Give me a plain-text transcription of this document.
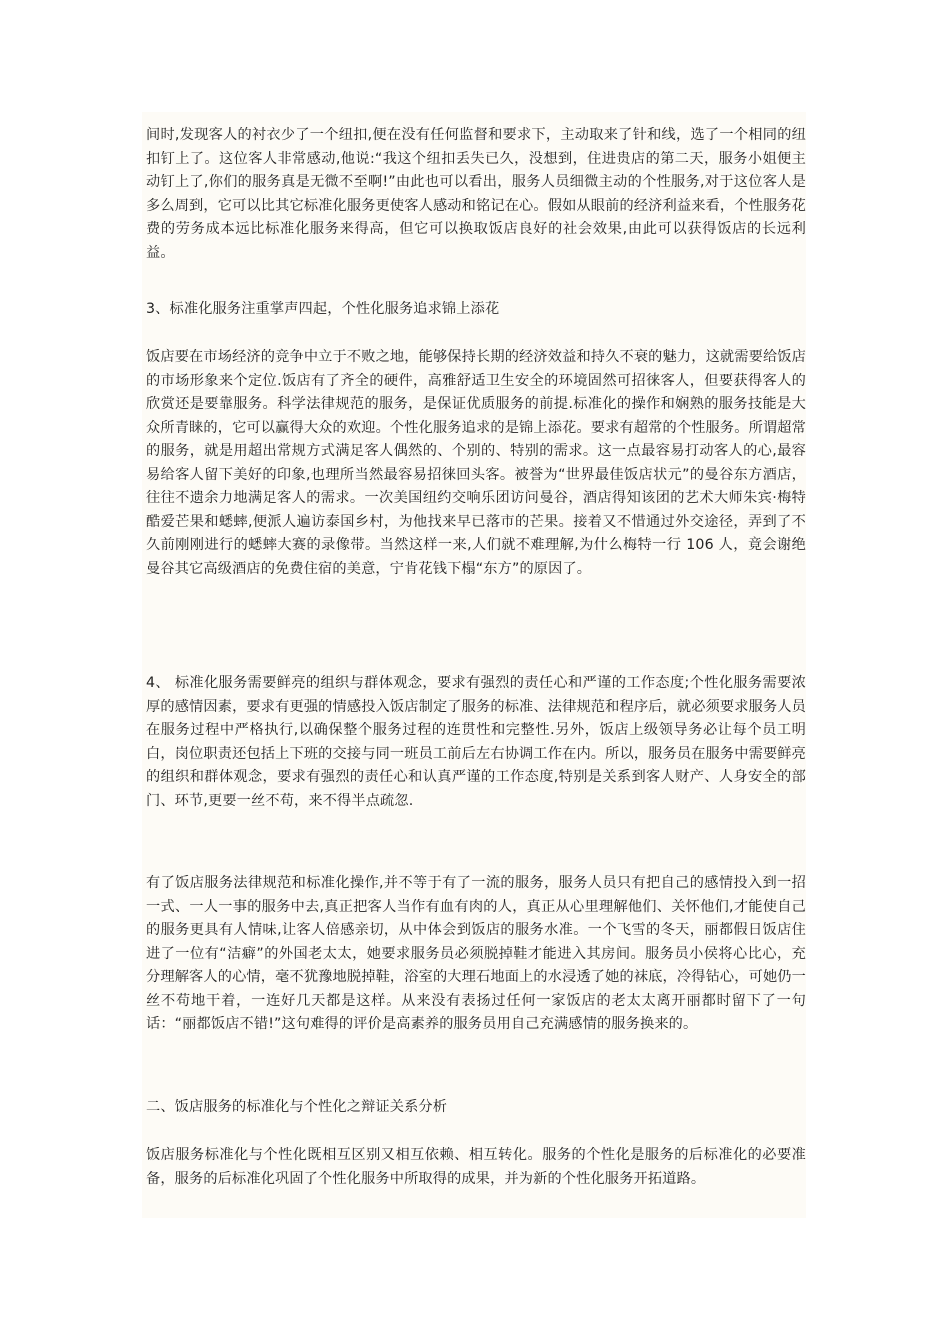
间时,发现客人的衬衣少了一个纽扣,便在没有任何监督和要求下，主动取来了针和线，选了一个相同的纽扣钉上了。这位客人非常感动,他说:“我这个纽扣丢失已久，没想到，住进贵店的第二天，服务小姐便主动钉上了,你们的服务真是无微不至啊!”由此也可以看出，服务人员细微主动的个性服务,对于这位客人是多么周到，它可以比其它标准化服务更使客人感动和铭记在心。假如从眼前的经济利益来看，个性服务花费的劳务成本远比标准化服务来得高，但它可以换取饭店良好的社会效果,由此可以获得饭店的长远利益。

3、标准化服务注重掌声四起，个性化服务追求锦上添花

饭店要在市场经济的竞争中立于不败之地，能够保持长期的经济效益和持久不衰的魅力，这就需要给饭店的市场形象来个定位.饭店有了齐全的硬件，高雅舒适卫生安全的环境固然可招徕客人，但要获得客人的欣赏还是要靠服务。科学法律规范的服务，是保证优质服务的前提.标准化的操作和娴熟的服务技能是大众所青睐的，它可以赢得大众的欢迎。个性化服务追求的是锦上添花。要求有超常的个性服务。所谓超常的服务，就是用超出常规方式满足客人偶然的、个别的、特别的需求。这一点最容易打动客人的心,最容易给客人留下美好的印象,也理所当然最容易招徕回头客。被誉为“世界最佳饭店状元”的曼谷东方酒店，往往不遗余力地满足客人的需求。一次美国纽约交响乐团访问曼谷，酒店得知该团的艺术大师朱宾·梅特酷爱芒果和蟋蟀,便派人遍访泰国乡村，为他找来早已落市的芒果。接着又不惜通过外交途径，弄到了不久前刚刚进行的蟋蟀大赛的录像带。当然这样一来,人们就不难理解,为什么梅特一行 106 人，竟会谢绝曼谷其它高级酒店的免费住宿的美意，宁肯花钱下榻“东方”的原因了。

4、 标准化服务需要鲜亮的组织与群体观念，要求有强烈的责任心和严谨的工作态度;个性化服务需要浓厚的感情因素，要求有更强的情感投入饭店制定了服务的标准、法律规范和程序后，就必须要求服务人员在服务过程中严格执行,以确保整个服务过程的连贯性和完整性.另外，饭店上级领导务必让每个员工明白，岗位职责还包括上下班的交接与同一班员工前后左右协调工作在内。所以，服务员在服务中需要鲜亮的组织和群体观念，要求有强烈的责任心和认真严谨的工作态度,特别是关系到客人财产、人身安全的部门、环节,更要一丝不苟，来不得半点疏忽.

有了饭店服务法律规范和标准化操作,并不等于有了一流的服务，服务人员只有把自己的感情投入到一招一式、一人一事的服务中去,真正把客人当作有血有肉的人，真正从心里理解他们、关怀他们,才能使自己的服务更具有人情味,让客人倍感亲切，从中体会到饭店的服务水准。一个飞雪的冬天，丽都假日饭店住进了一位有“洁癖”的外国老太太，她要求服务员必须脱掉鞋才能进入其房间。服务员小侯将心比心，充分理解客人的心情，毫不犹豫地脱掉鞋，浴室的大理石地面上的水浸透了她的袜底，冷得钻心，可她仍一丝不苟地干着，一连好几天都是这样。从来没有表扬过任何一家饭店的老太太离开丽都时留下了一句话：“丽都饭店不错!”这句难得的评价是高素养的服务员用自己充满感情的服务换来的。

二、饭店服务的标准化与个性化之辩证关系分析

饭店服务标准化与个性化既相互区别又相互依赖、相互转化。服务的个性化是服务的后标准化的必要准备，服务的后标准化巩固了个性化服务中所取得的成果，并为新的个性化服务开拓道路。
